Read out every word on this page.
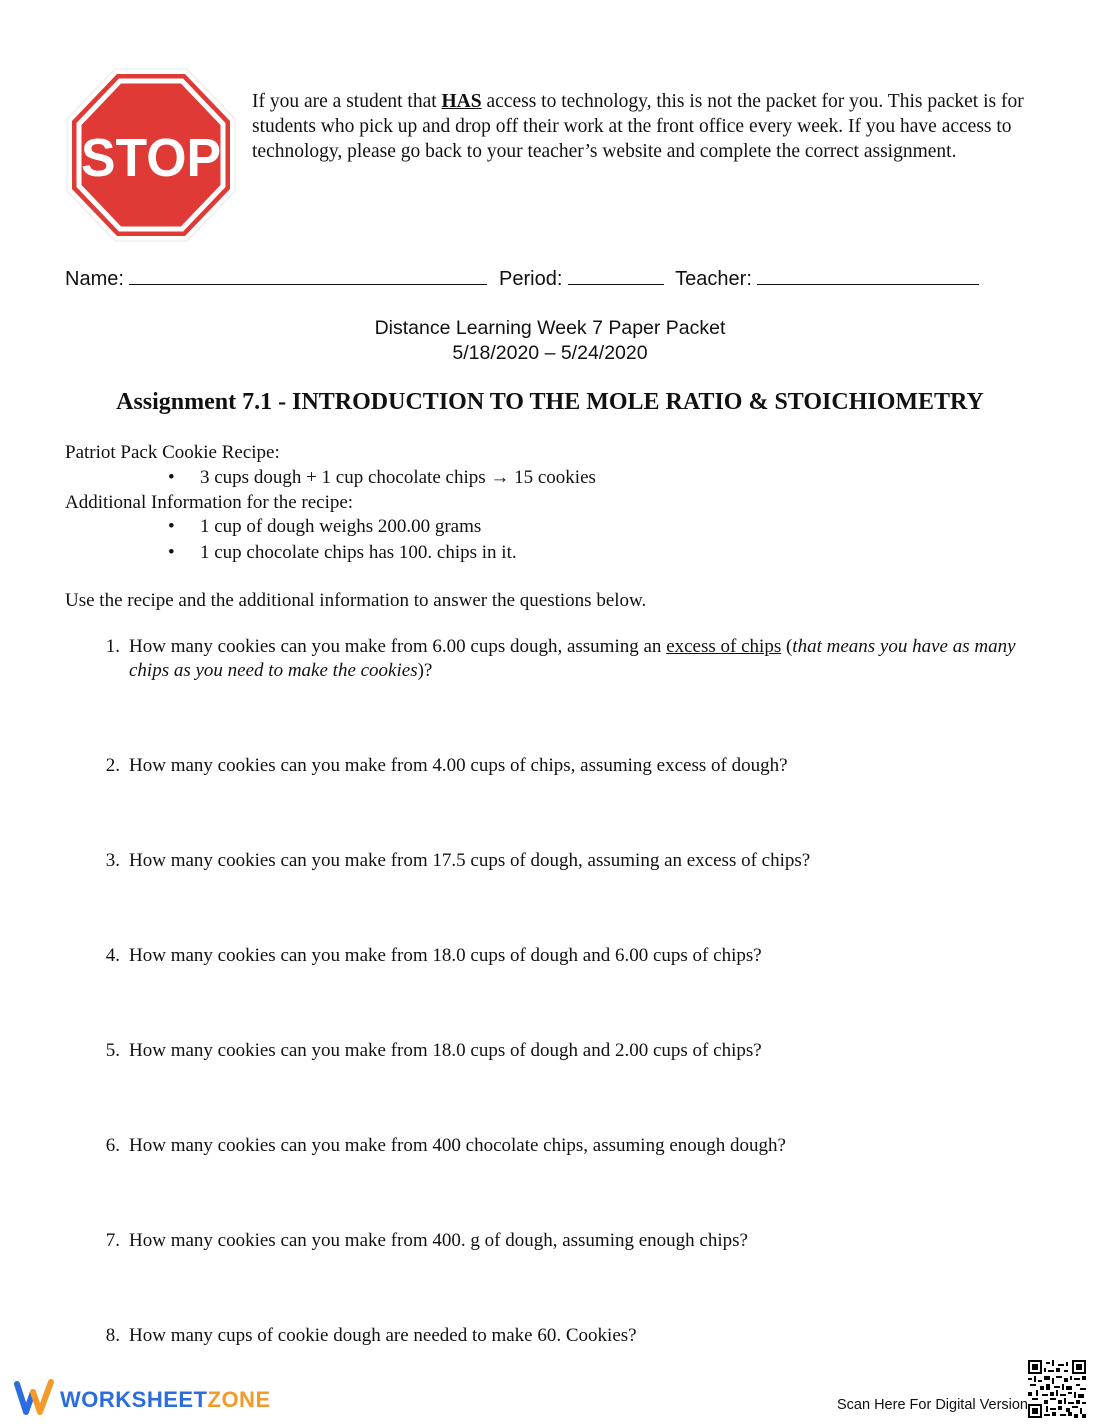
STOP
If you are a student that HAS access to technology, this is not the packet for you. This packet is for students who pick up and drop off their work at the front office every week. If you have access to technology, please go back to your teacher’s website and complete the correct assignment.
Name:	Period:	Teacher:
Distance Learning Week 7 Paper Packet
5/18/2020 – 5/24/2020
Assignment 7.1 - INTRODUCTION TO THE MOLE RATIO & STOICHIOMETRY
Patriot Pack Cookie Recipe:
• 3 cups dough + 1 cup chocolate chips → 15 cookies
Additional Information for the recipe:
• 1 cup of dough weighs 200.00 grams
• 1 cup chocolate chips has 100. chips in it.
Use the recipe and the additional information to answer the questions below.
1. How many cookies can you make from 6.00 cups dough, assuming an excess of chips (that means you have as many chips as you need to make the cookies)?
2. How many cookies can you make from 4.00 cups of chips, assuming excess of dough?
3. How many cookies can you make from 17.5 cups of dough, assuming an excess of chips?
4. How many cookies can you make from 18.0 cups of dough and 6.00 cups of chips?
5. How many cookies can you make from 18.0 cups of dough and 2.00 cups of chips?
6. How many cookies can you make from 400 chocolate chips, assuming enough dough?
7. How many cookies can you make from 400. g of dough, assuming enough chips?
8. How many cups of cookie dough are needed to make 60. Cookies?
WORKSHEETZONE	Scan Here For Digital Version
